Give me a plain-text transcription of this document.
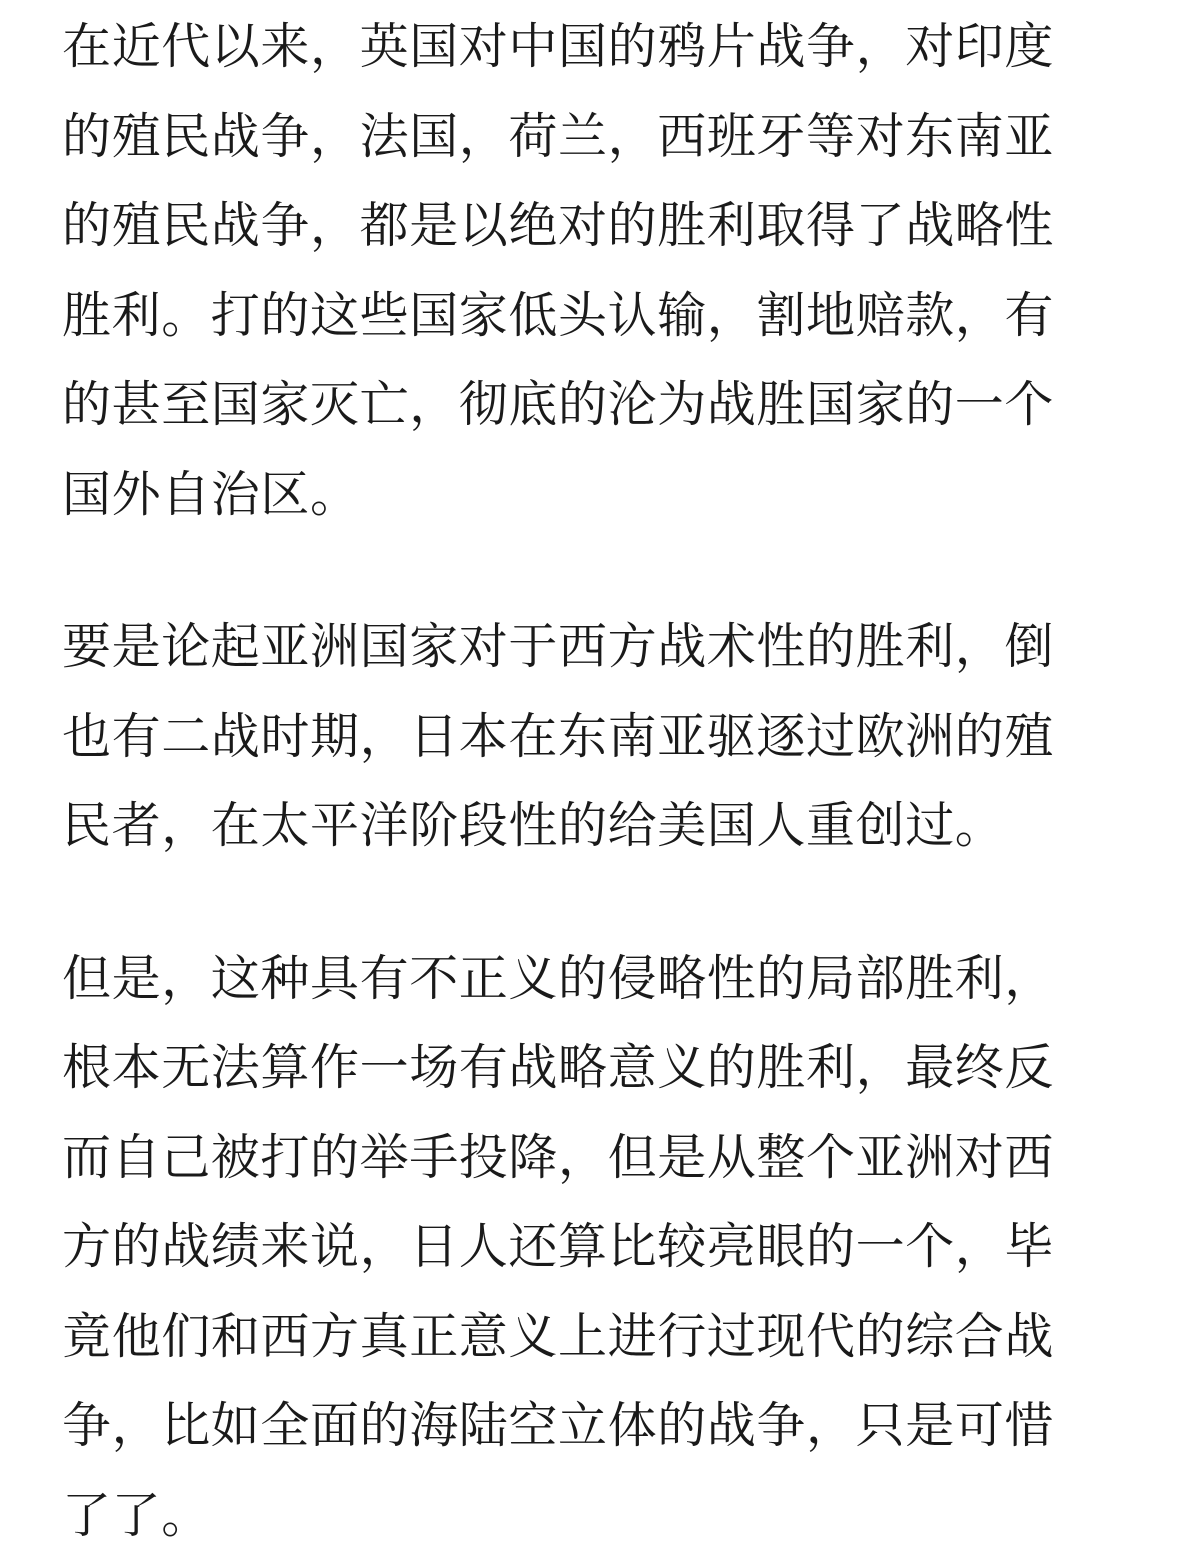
在近代以来，英国对中国的鸦片战争，对印度
的殖民战争，法国，荷兰，西班牙等对东南亚
的殖民战争，都是以绝对的胜利取得了战略性
胜利。打的这些国家低头认输，割地赔款，有
的甚至国家灭亡，彻底的沦为战胜国家的一个
国外自治区。
要是论起亚洲国家对于西方战术性的胜利，倒
也有二战时期，日本在东南亚驱逐过欧洲的殖
民者，在太平洋阶段性的给美国人重创过。
但是，这种具有不正义的侵略性的局部胜利，
根本无法算作一场有战略意义的胜利，最终反
而自己被打的举手投降，但是从整个亚洲对西
方的战绩来说，日人还算比较亮眼的一个，毕
竟他们和西方真正意义上进行过现代的综合战
争，比如全面的海陆空立体的战争，只是可惜
了了。
